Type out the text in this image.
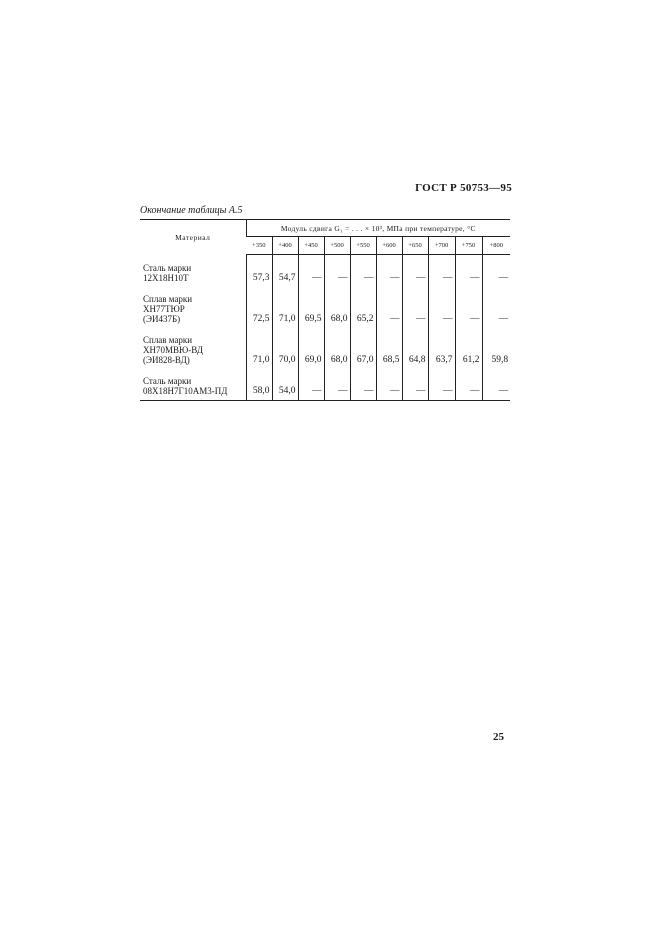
ГОСТ Р 50753—95
Окончание таблицы А.5
Материал	Модуль сдвига G₁ = . . . × 10³, МПа при температуре, °С									
	+350	+400	+450	+500	+550	+600	+650	+700	+750	+800
Сталь марки
12Х18Н10Т	57,3	54,7	—	—	—	—	—	—	—	—
Сплав марки
ХН77ТЮР
(ЭИ437Б)	72,5	71,0	69,5	68,0	65,2	—	—	—	—	—
Сплав марки
ХН70МВЮ-ВД
(ЭИ828-ВД)	71,0	70,0	69,0	68,0	67,0	68,5	64,8	63,7	61,2	59,8
Сталь марки
08Х18Н7Г10АМ3-ПД	58,0	54,0	—	—	—	—	—	—	—	—
25
